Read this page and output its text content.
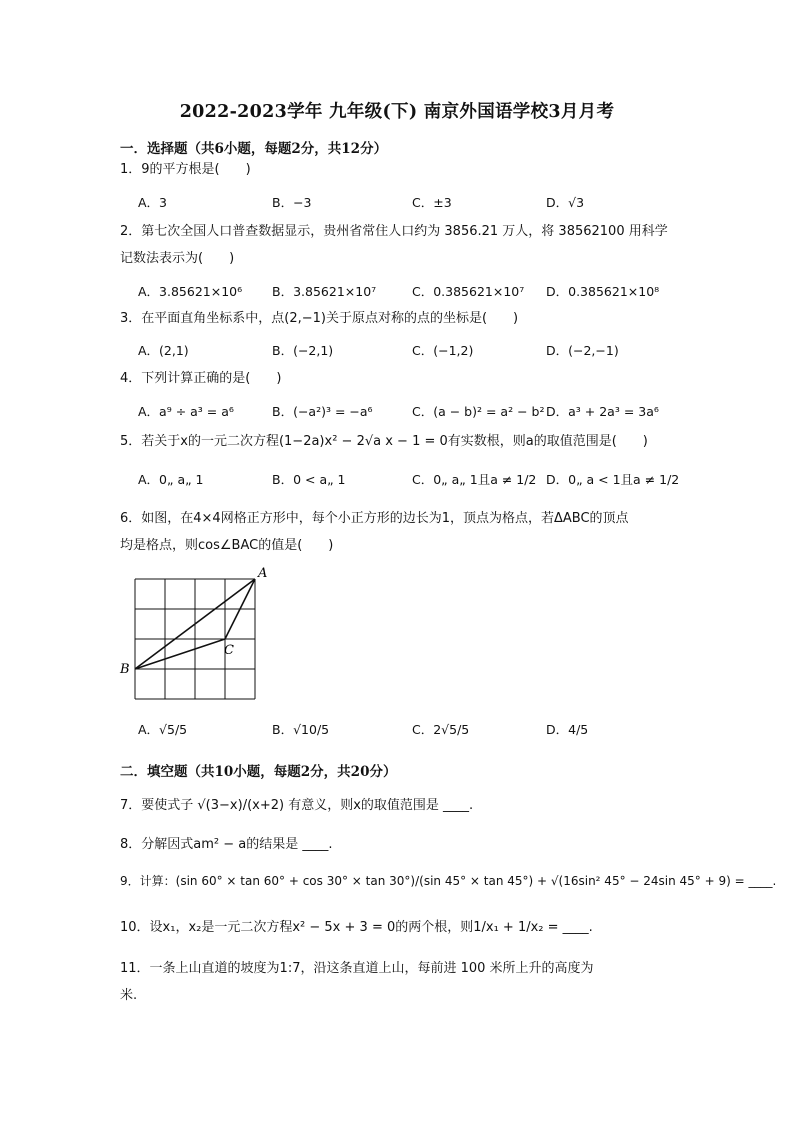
2022-2023学年 九年级(下) 南京外国语学校3月月考
一．选择题（共6小题，每题2分，共12分）
1．9的平方根是(　　)
A．3	B．−3	C．±3	D．√3
2．第七次全国人口普查数据显示，贵州省常住人口约为 3856.21 万人，将 38562100 用科学
记数法表示为(　　)
A．3.85621×10⁶ B．3.85621×10⁷	C．0.385621×10⁷ D．0.385621×10⁸
3．在平面直角坐标系中，点(2,−1)关于原点对称的点的坐标是(　　)
A．(2,1)	B．(−2,1)	C．(−1,2)	D．(−2,−1)
4．下列计算正确的是(　　)
A．a⁹ ÷ a³ = a⁶	B．(−a²)³ = −a⁶	C．(a − b)² = a² − b² D．a³ + 2a³ = 3a⁶
5．若关于x的一元二次方程(1−2a)x² − 2√a x − 1 = 0有实数根，则a的取值范围是(　　)
A．0„ a„ 1	B．0 < a„ 1	C．0„ a„ 1且a ≠ 1/2 D．0„ a < 1且a ≠ 1/2
6．如图，在4×4网格正方形中，每个小正方形的边长为1，顶点为格点，若ΔABC的顶点
均是格点，则cos∠BAC的值是(　　)
A
B
C
A．√5/5	B．√10/5	C．2√5/5	D．4/5
二．填空题（共10小题，每题2分，共20分）
7．要使式子 √(3−x)/(x+2) 有意义，则x的取值范围是 ____.
8．分解因式am² − a的结果是 ____.
9．计算：(sin 60° × tan 60° + cos 30° × tan 30°)/(sin 45° × tan 45°) + √(16sin² 45° − 24sin 45° + 9) = ____.
10．设x₁，x₂是一元二次方程x² − 5x + 3 = 0的两个根，则1/x₁ + 1/x₂ = ____.
11．一条上山直道的坡度为1:7，沿这条直道上山，每前进 100 米所上升的高度为
米.
